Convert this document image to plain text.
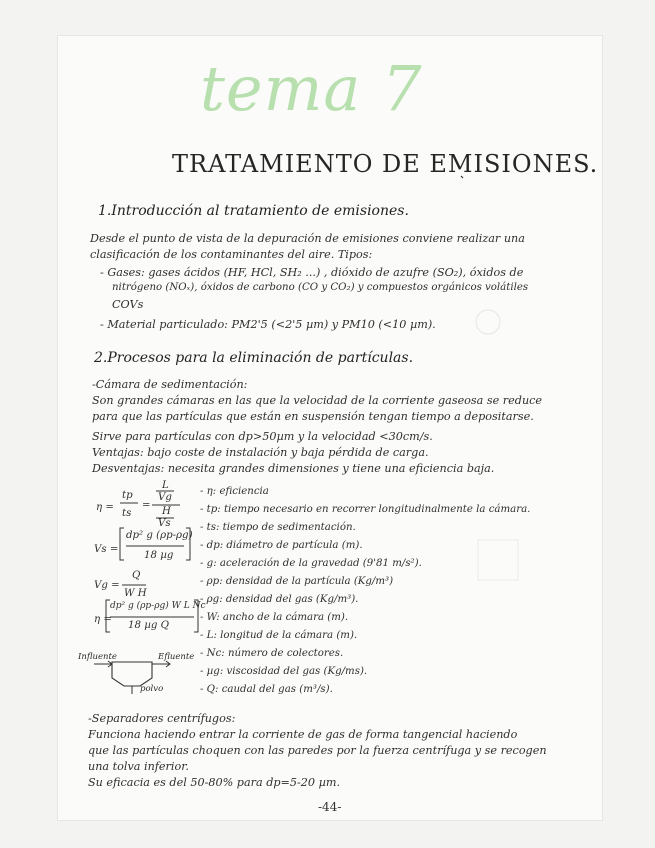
tema 7
TRATAMIENTO DE EMISIONES.
1.Introducción al tratamiento de emisiones.
Desde el punto de vista de la depuración de emisiones conviene realizar una
clasificación de los contaminantes del aire. Tipos:
- Gases: gases ácidos (HF, HCl, SH₂ ...) , dióxido de azufre (SO₂), óxidos de
nitrógeno (NOₓ), óxidos de carbono (CO y CO₂) y compuestos orgánicos volátiles
COVs
- Material particulado: PM2'5 (<2'5 µm) y PM10 (<10 µm).
2.Procesos para la eliminación de partículas.
-Cámara de sedimentación:
Son grandes cámaras en las que la velocidad de la corriente gaseosa se reduce
para que las partículas que están en suspensión tengan tiempo a depositarse.
Sirve para partículas con dp>50µm y la velocidad <30cm/s.
Ventajas: bajo coste de instalación y baja pérdida de carga.
Desventajas: necesita grandes dimensiones y tiene una eficiencia baja.
η =
tp
ts
=
L
Vg
H
Vs
Vs =
dp² g (ρp-ρg)
18 µg
Vg =
Q
W H
η =
dp² g (ρp-ρg) W L Nc
18 µg Q
- η: eficiencia
- tp: tiempo necesario en recorrer longitudinalmente la cámara.
- ts: tiempo de sedimentación.
- dp: diámetro de partícula (m).
- g: aceleración de la gravedad (9'81 m/s²).
- ρp: densidad de la partícula (Kg/m³)
- ρg: densidad del gas (Kg/m³).
- W: ancho de la cámara (m).
- L: longitud de la cámara (m).
- Nc: número de colectores.
- µg: viscosidad del gas (Kg/ms).
- Q: caudal del gas (m³/s).
Influente	Efluente
polvo
-Separadores centrífugos:
Funciona haciendo entrar la corriente de gas de forma tangencial haciendo
que las partículas choquen con las paredes por la fuerza centrífuga y se recogen
una tolva inferior.
Su eficacia es del 50-80% para dp=5-20 µm.
-44-
